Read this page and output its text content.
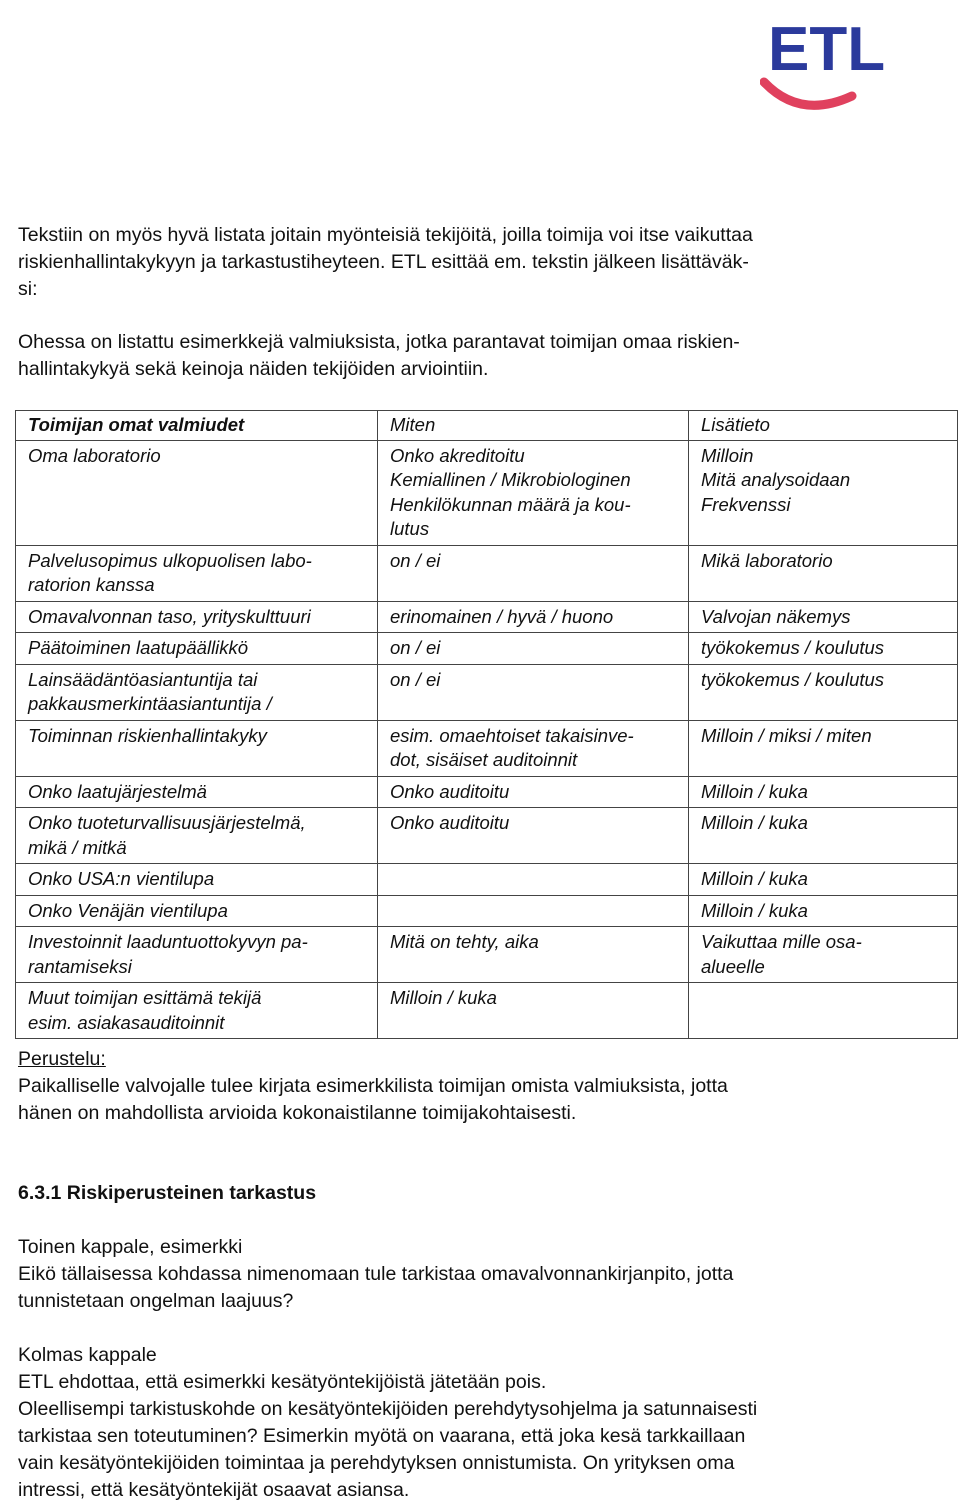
ETL

Tekstiin on myös hyvä listata joitain myönteisiä tekijöitä, joilla toimija voi itse vaikuttaa
riskienhallintakykyyn ja tarkastustiheyteen. ETL esittää em. tekstin jälkeen lisättäväk-
si:

Ohessa on listattu esimerkkejä valmiuksista, jotka parantavat toimijan omaa riskien-
hallintakykyä sekä keinoja näiden tekijöiden arviointiin.

Toimijan omat valmiudet	Miten	Lisätieto

Oma laboratorio	Onko akreditoitu
Kemiallinen / Mikrobiologinen
Henkilökunnan määrä ja kou-
lutus	Milloin
Mitä analysoidaan
Frekvenssi

Palvelusopimus ulkopuolisen labo-
ratorion kanssa	on / ei	Mikä laboratorio

Omavalvonnan taso, yrityskulttuuri	erinomainen / hyvä / huono	Valvojan näkemys

Päätoiminen laatupäällikkö	on / ei	työkokemus / koulutus

Lainsäädäntöasiantuntija tai
pakkausmerkintäasiantuntija /	on / ei	työkokemus / koulutus

Toiminnan riskienhallintakyky	esim. omaehtoiset takaisinve-
dot, sisäiset auditoinnit	Milloin / miksi / miten

Onko laatujärjestelmä	Onko auditoitu	Milloin / kuka

Onko tuoteturvallisuusjärjestelmä,
mikä / mitkä	Onko auditoitu	Milloin / kuka

Onko USA:n vientilupa		Milloin / kuka

Onko Venäjän vientilupa		Milloin / kuka

Investoinnit laaduntuottokyvyn pa-
rantamiseksi	Mitä on tehty, aika	Vaikuttaa mille osa-
alueelle

Muut toimijan esittämä tekijä
esim. asiakasauditoinnit	Milloin / kuka	

Perustelu:
Paikalliselle valvojalle tulee kirjata esimerkkilista toimijan omista valmiuksista, jotta
hänen on mahdollista arvioida kokonaistilanne toimijakohtaisesti.

6.3.1 Riskiperusteinen tarkastus

Toinen kappale, esimerkki
Eikö tällaisessa kohdassa nimenomaan tule tarkistaa omavalvonnankirjanpito, jotta
tunnistetaan ongelman laajuus?

Kolmas kappale
ETL ehdottaa, että esimerkki kesätyöntekijöistä jätetään pois.
Oleellisempi tarkistuskohde on kesätyöntekijöiden perehdytysohjelma ja satunnaisesti
tarkistaa sen toteutuminen? Esimerkin myötä on vaarana, että joka kesä tarkkaillaan
vain kesätyöntekijöiden toimintaa ja perehdytyksen onnistumista. On yrityksen oma
intressi, että kesätyöntekijät osaavat asiansa.
